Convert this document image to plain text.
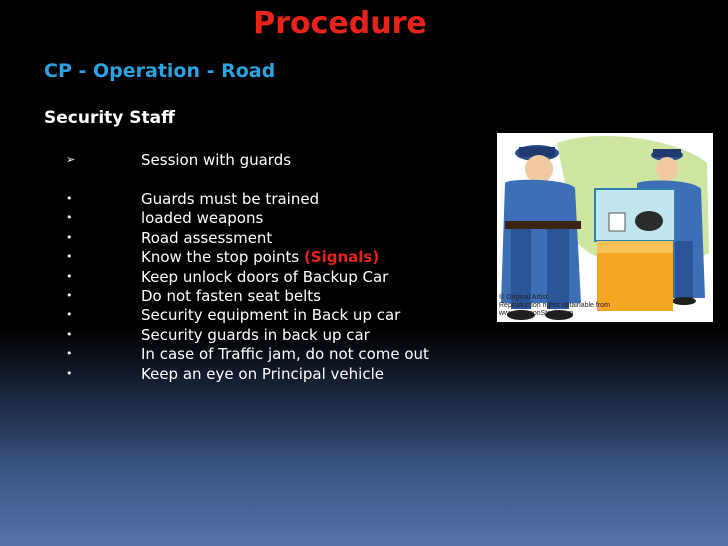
Procedure
CP - Operation - Road
Security Staff
➢	Session with guards
•	Guards must be trained
•	loaded weapons
•	Road assessment
•	Know the stop points (Signals)
•	Keep unlock doors of Backup Car
•	Do not fasten seat belts
•	Security equipment in Back up car
•	Security guards in back up car
•	In case of Traffic jam, do not come out
•	Keep an eye on Principal vehicle
© Original Artist
Reproduction rights obtainable from
www.CartoonStock.com
